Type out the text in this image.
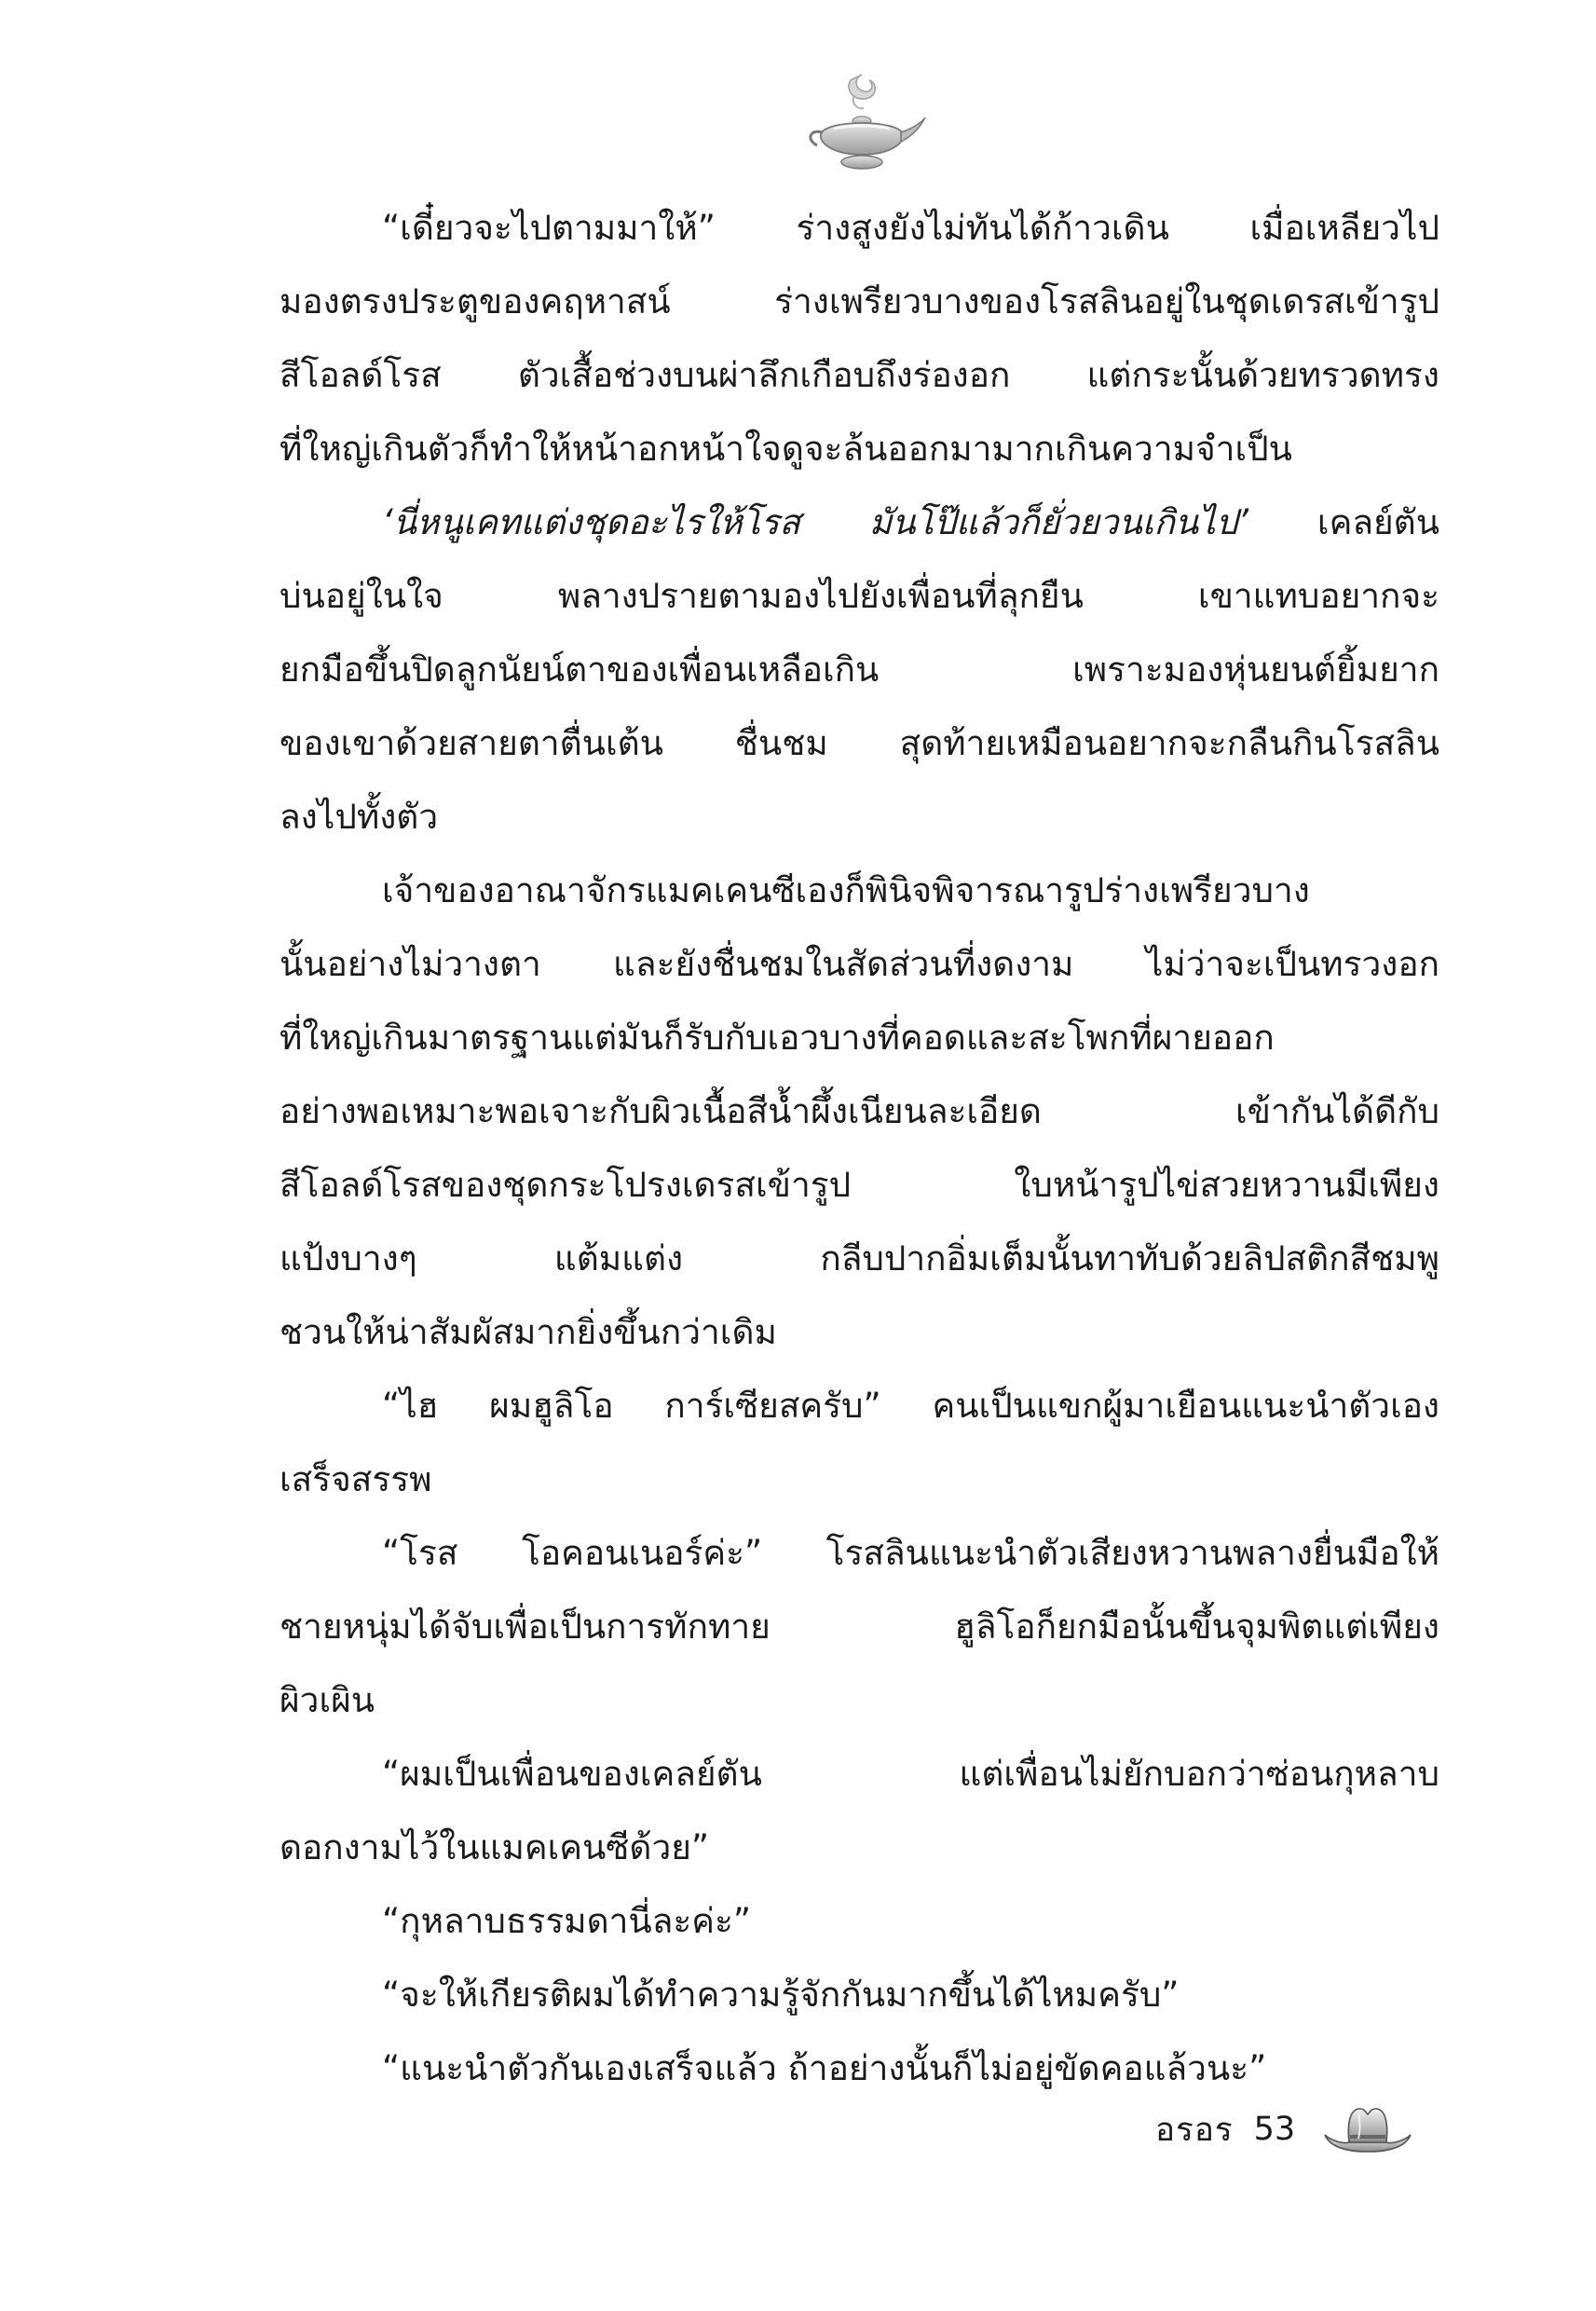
“เดี๋ยวจะไปตามมาให้” ร่างสูงยังไม่ทันได้ก้าวเดิน เมื่อเหลียวไป
มองตรงประตูของคฤหาสน์ ร่างเพรียวบางของโรสลินอยู่ในชุดเดรสเข้ารูป
สีโอลด์โรส ตัวเสื้อช่วงบนผ่าลึกเกือบถึงร่องอก แต่กระนั้นด้วยทรวดทรง
ที่ใหญ่เกินตัวก็ทำให้หน้าอกหน้าใจดูจะล้นออกมามากเกินความจำเป็น
‘นี่หนูเคทแต่งชุดอะไรให้โรส มันโป๊แล้วก็ยั่วยวนเกินไป’ เคลย์ตัน
บ่นอยู่ในใจ พลางปรายตามองไปยังเพื่อนที่ลุกยืน เขาแทบอยากจะ
ยกมือขึ้นปิดลูกนัยน์ตาของเพื่อนเหลือเกิน เพราะมองหุ่นยนต์ยิ้มยาก
ของเขาด้วยสายตาตื่นเต้น ชื่นชม สุดท้ายเหมือนอยากจะกลืนกินโรสลิน
ลงไปทั้งตัว
เจ้าของอาณาจักรแมคเคนซีเองก็พินิจพิจารณารูปร่างเพรียวบาง
นั้นอย่างไม่วางตา และยังชื่นชมในสัดส่วนที่งดงาม ไม่ว่าจะเป็นทรวงอก
ที่ใหญ่เกินมาตรฐานแต่มันก็รับกับเอวบางที่คอดและสะโพกที่ผายออก
อย่างพอเหมาะพอเจาะกับผิวเนื้อสีน้ำผึ้งเนียนละเอียด เข้ากันได้ดีกับ
สีโอลด์โรสของชุดกระโปรงเดรสเข้ารูป ใบหน้ารูปไข่สวยหวานมีเพียง
แป้งบางๆ แต้มแต่ง กลีบปากอิ่มเต็มนั้นทาทับด้วยลิปสติกสีชมพู
ชวนให้น่าสัมผัสมากยิ่งขึ้นกว่าเดิม
“ไฮ ผมฮูลิโอ การ์เซียสครับ” คนเป็นแขกผู้มาเยือนแนะนำตัวเอง
เสร็จสรรพ
“โรส โอคอนเนอร์ค่ะ” โรสลินแนะนำตัวเสียงหวานพลางยื่นมือให้
ชายหนุ่มได้จับเพื่อเป็นการทักทาย ฮูลิโอก็ยกมือนั้นขึ้นจุมพิตแต่เพียง
ผิวเผิน
“ผมเป็นเพื่อนของเคลย์ตัน แต่เพื่อนไม่ยักบอกว่าซ่อนกุหลาบ
ดอกงามไว้ในแมคเคนซีด้วย”
“กุหลาบธรรมดานี่ละค่ะ”
“จะให้เกียรติผมได้ทำความรู้จักกันมากขึ้นได้ไหมครับ”
“แนะนำตัวกันเองเสร็จแล้ว ถ้าอย่างนั้นก็ไม่อยู่ขัดคอแล้วนะ”
อรอร 53
